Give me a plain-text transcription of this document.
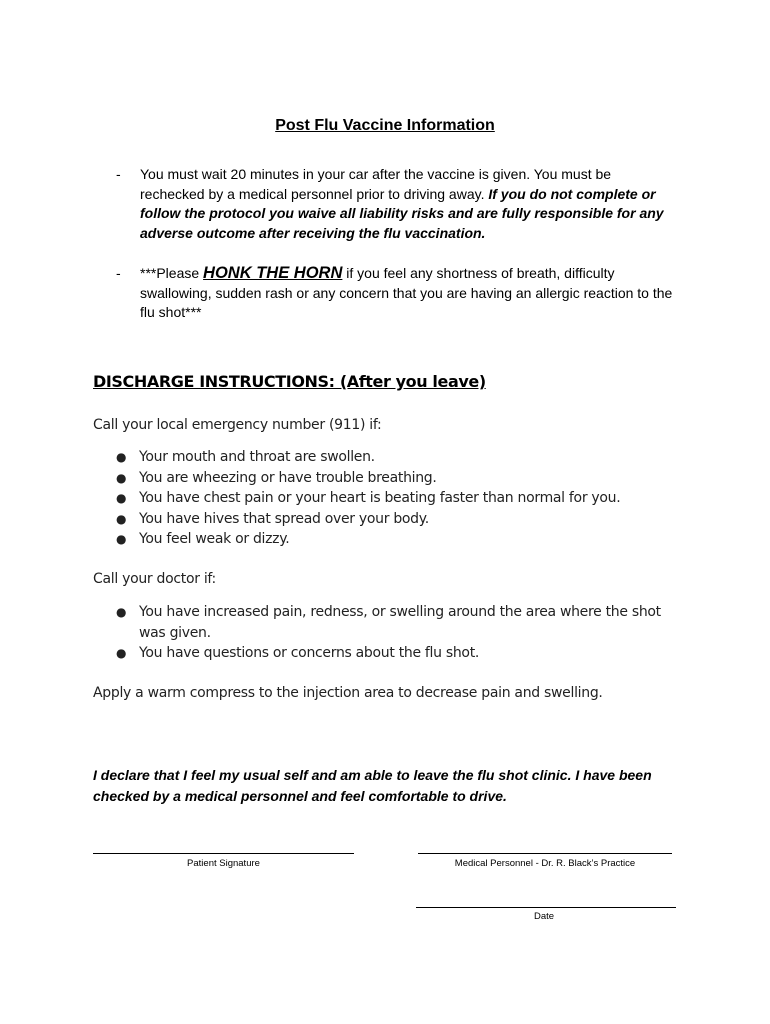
Post Flu Vaccine Information
- You must wait 20 minutes in your car after the vaccine is given. You must be rechecked by a medical personnel prior to driving away. If you do not complete or follow the protocol you waive all liability risks and are fully responsible for any adverse outcome after receiving the flu vaccination.
- ***Please HONK THE HORN if you feel any shortness of breath, difficulty swallowing, sudden rash or any concern that you are having an allergic reaction to the flu shot***
DISCHARGE INSTRUCTIONS: (After you leave)
Call your local emergency number (911) if:
● Your mouth and throat are swollen.
● You are wheezing or have trouble breathing.
● You have chest pain or your heart is beating faster than normal for you.
● You have hives that spread over your body.
● You feel weak or dizzy.
Call your doctor if:
● You have increased pain, redness, or swelling around the area where the shot was given.
● You have questions or concerns about the flu shot.
Apply a warm compress to the injection area to decrease pain and swelling.
I declare that I feel my usual self and am able to leave the flu shot clinic. I have been checked by a medical personnel and feel comfortable to drive.
Patient Signature	Medical Personnel - Dr. R. Black’s Practice
Date
